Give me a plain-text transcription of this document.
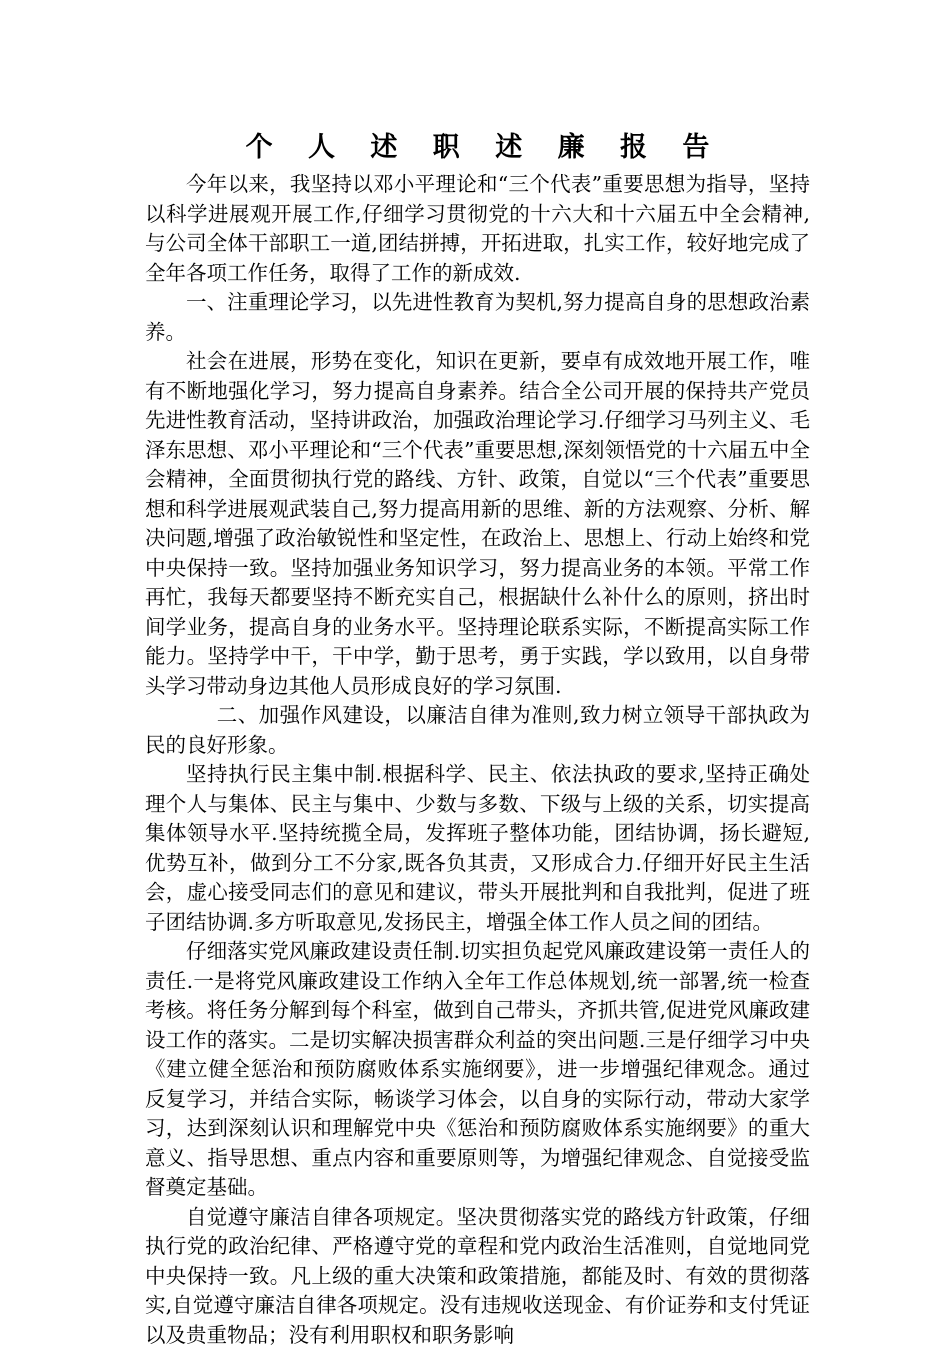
个 人 述 职 述 廉 报 告

今年以来，我坚持以邓小平理论和“三个代表”重要思想为指导，坚持以科学进展观开展工作,仔细学习贯彻党的十六大和十六届五中全会精神,与公司全体干部职工一道,团结拼搏，开拓进取，扎实工作，较好地完成了全年各项工作任务，取得了工作的新成效.

一、注重理论学习，以先进性教育为契机,努力提高自身的思想政治素养。

社会在进展，形势在变化，知识在更新，要卓有成效地开展工作，唯有不断地强化学习，努力提高自身素养。结合全公司开展的保持共产党员先进性教育活动，坚持讲政治，加强政治理论学习.仔细学习马列主义、毛泽东思想、邓小平理论和“三个代表”重要思想,深刻领悟党的十六届五中全会精神，全面贯彻执行党的路线、方针、政策，自觉以“三个代表”重要思想和科学进展观武装自己,努力提高用新的思维、新的方法观察、分析、解决问题,增强了政治敏锐性和坚定性，在政治上、思想上、行动上始终和党中央保持一致。坚持加强业务知识学习，努力提高业务的本领。平常工作再忙，我每天都要坚持不断充实自己，根据缺什么补什么的原则，挤出时间学业务，提高自身的业务水平。坚持理论联系实际，不断提高实际工作能力。坚持学中干，干中学，勤于思考，勇于实践，学以致用，以自身带头学习带动身边其他人员形成良好的学习氛围.

二、加强作风建设，以廉洁自律为准则,致力树立领导干部执政为民的良好形象。

坚持执行民主集中制.根据科学、民主、依法执政的要求,坚持正确处理个人与集体、民主与集中、少数与多数、下级与上级的关系，切实提高集体领导水平.坚持统揽全局，发挥班子整体功能，团结协调，扬长避短,优势互补，做到分工不分家,既各负其责，又形成合力.仔细开好民主生活会，虚心接受同志们的意见和建议，带头开展批判和自我批判，促进了班子团结协调.多方听取意见,发扬民主，增强全体工作人员之间的团结。

仔细落实党风廉政建设责任制.切实担负起党风廉政建设第一责任人的责任.一是将党风廉政建设工作纳入全年工作总体规划,统一部署,统一检查考核。将任务分解到每个科室，做到自己带头，齐抓共管,促进党风廉政建设工作的落实。二是切实解决损害群众利益的突出问题.三是仔细学习中央《建立健全惩治和预防腐败体系实施纲要》，进一步增强纪律观念。通过反复学习，并结合实际，畅谈学习体会，以自身的实际行动，带动大家学习，达到深刻认识和理解党中央《惩治和预防腐败体系实施纲要》的重大意义、指导思想、重点内容和重要原则等，为增强纪律观念、自觉接受监督奠定基础。

自觉遵守廉洁自律各项规定。坚决贯彻落实党的路线方针政策，仔细执行党的政治纪律、严格遵守党的章程和党内政治生活准则，自觉地同党中央保持一致。凡上级的重大决策和政策措施，都能及时、有效的贯彻落实,自觉遵守廉洁自律各项规定。没有违规收送现金、有价证券和支付凭证以及贵重物品；没有利用职权和职务影响
